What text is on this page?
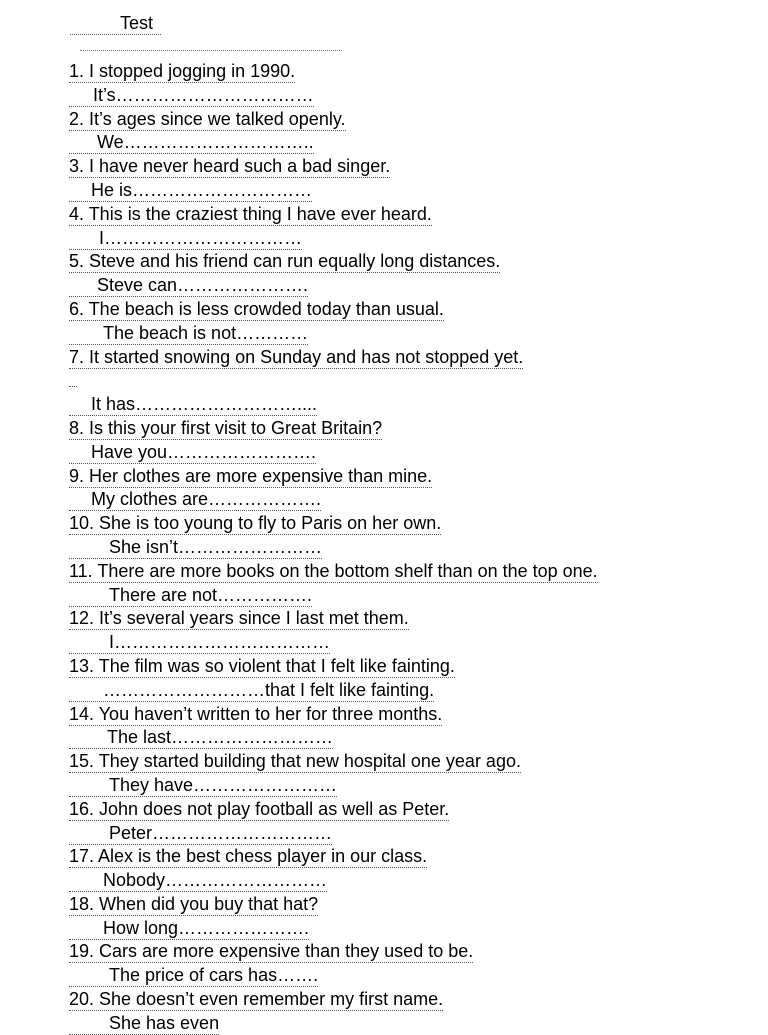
Test
1. I stopped jogging in 1990.
It’s……………………………
2. It’s ages since we talked openly.
We…………………………..
3. I have never heard such a bad singer.
He is…………………………
4. This is the craziest thing I have ever heard.
I……………………………
5. Steve and his friend can run equally long distances.
Steve can………………….
6. The beach is less crowded today than usual.
The beach is not…………
7. It started snowing on Sunday and has not stopped yet.
It has………………………....
8. Is this your first visit to Great Britain?
Have you…………………….
9. Her clothes are more expensive than mine.
My clothes are……………….
10. She is too young to fly to Paris on her own.
She isn’t……………………
11. There are more books on the bottom shelf than on the top one.
There are not…………….
12. It’s several years since I last met them.
I………………………………
13. The film was so violent that I felt like fainting.
………………………that I felt like fainting.
14. You haven’t written to her for three months.
The last………………………
15. They started building that new hospital one year ago.
They have……………………
16. John does not play football as well as Peter.
Peter…………………………
17. Alex is the best chess player in our class.
Nobody………………………
18. When did you buy that hat?
How long………………….
19. Cars are more expensive than they used to be.
The price of cars has…….
20. She doesn’t even remember my first name.
She has even
